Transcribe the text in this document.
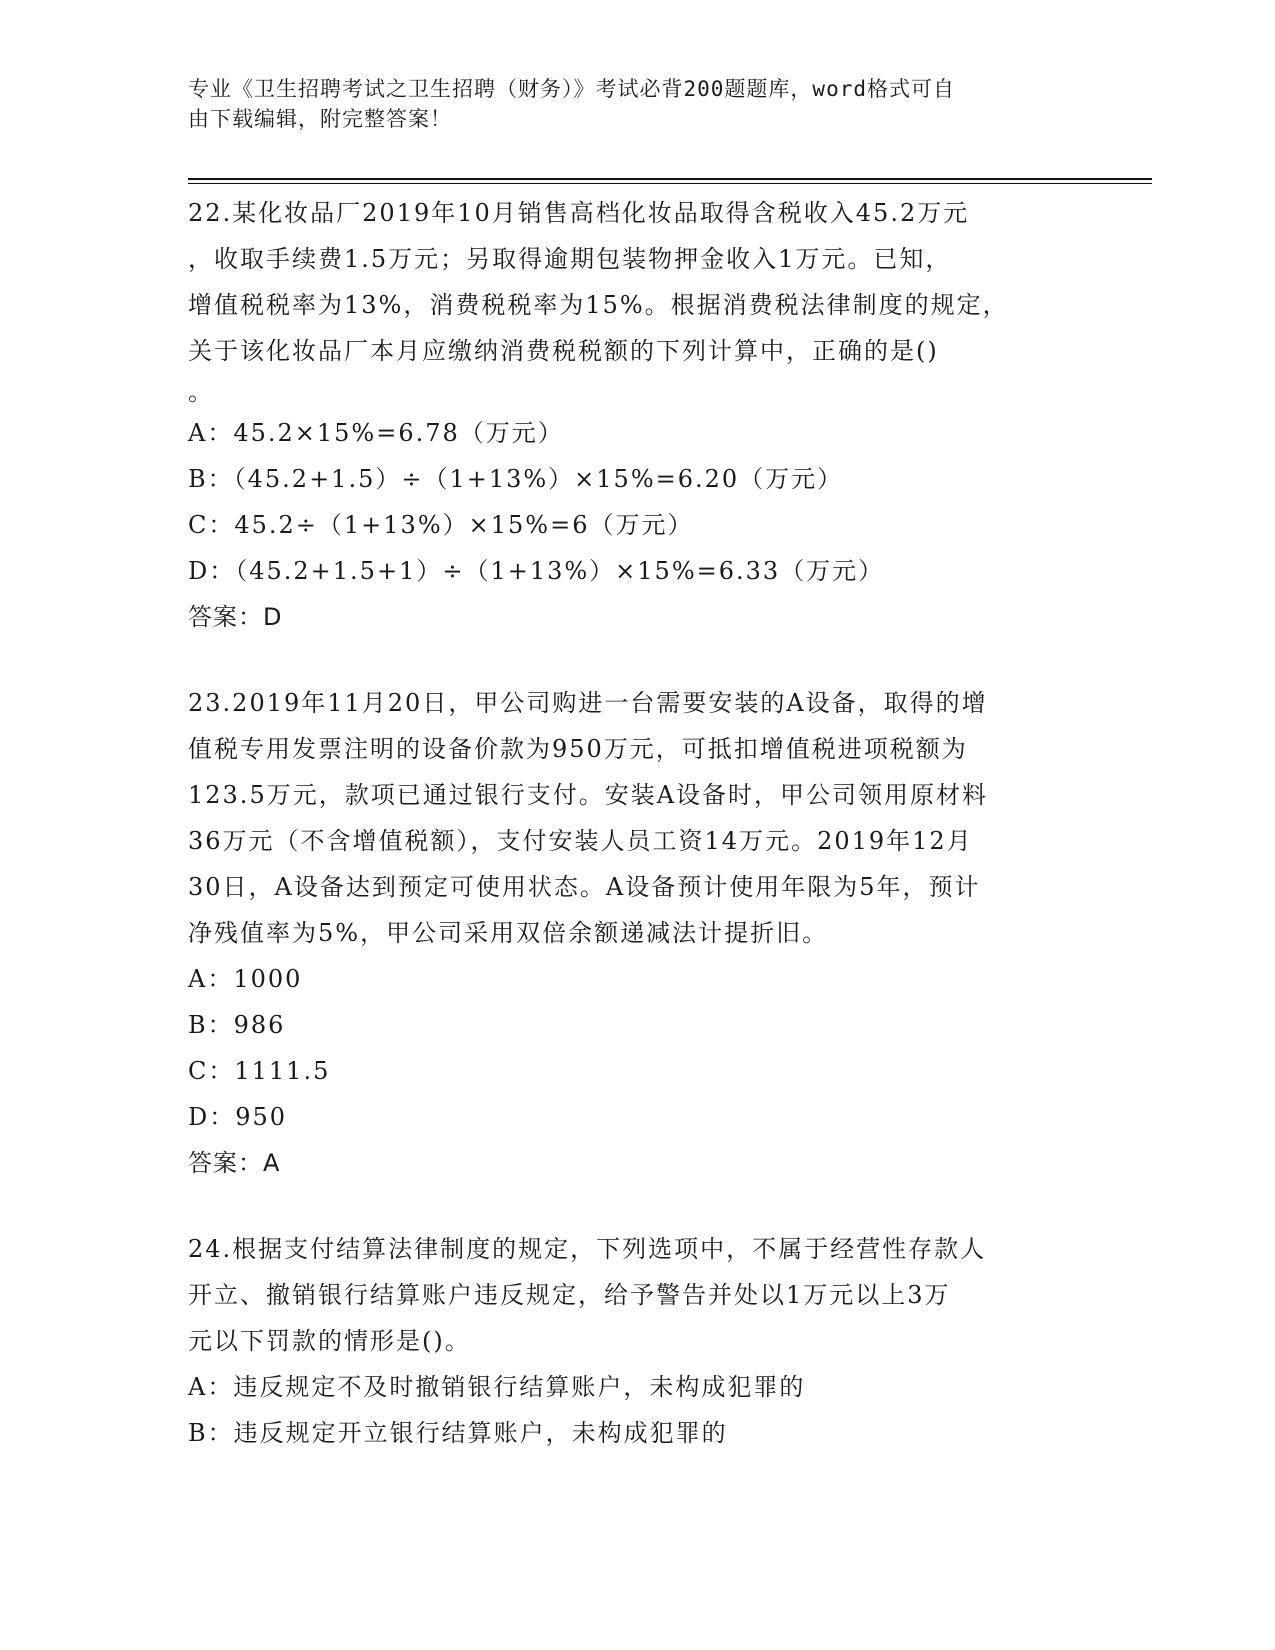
专业《卫生招聘考试之卫生招聘（财务）》考试必背200题题库，word格式可自
由下载编辑，附完整答案！
22.某化妆品厂2019年10月销售高档化妆品取得含税收入45.2万元
，收取手续费1.5万元；另取得逾期包装物押金收入1万元。已知，
增值税税率为13%，消费税税率为15%。根据消费税法律制度的规定，
关于该化妆品厂本月应缴纳消费税税额的下列计算中，正确的是()
。
A：45.2×15%=6.78（万元）
B：（45.2+1.5）÷（1+13%）×15%=6.20（万元）
C：45.2÷（1+13%）×15%=6（万元）
D：（45.2+1.5+1）÷（1+13%）×15%=6.33（万元）
答案：D
23.2019年11月20日，甲公司购进一台需要安装的A设备，取得的增
值税专用发票注明的设备价款为950万元，可抵扣增值税进项税额为
123.5万元，款项已通过银行支付。安装A设备时，甲公司领用原材料
36万元（不含增值税额），支付安装人员工资14万元。2019年12月
30日，A设备达到预定可使用状态。A设备预计使用年限为5年，预计
净残值率为5%，甲公司采用双倍余额递减法计提折旧。
A：1000
B：986
C：1111.5
D：950
答案：A
24.根据支付结算法律制度的规定，下列选项中，不属于经营性存款人
开立、撤销银行结算账户违反规定，给予警告并处以1万元以上3万
元以下罚款的情形是()。
A：违反规定不及时撤销银行结算账户，未构成犯罪的
B：违反规定开立银行结算账户，未构成犯罪的
